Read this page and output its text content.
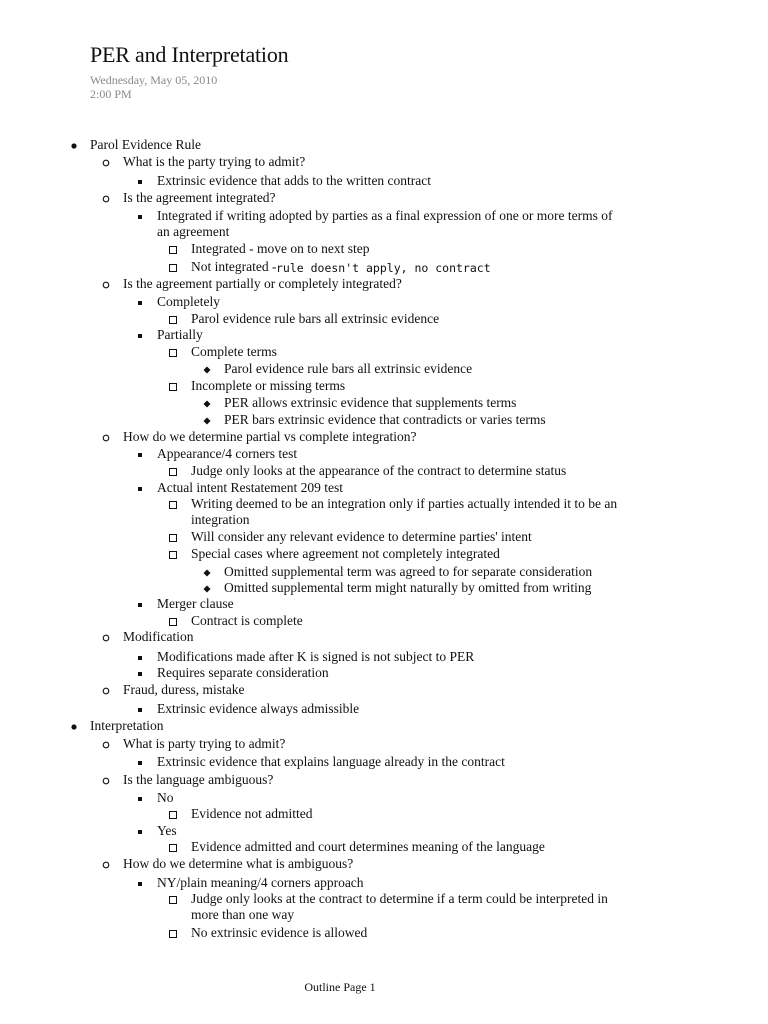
PER and Interpretation
Wednesday, May 05, 2010
2:00 PM
Parol Evidence Rule
What is the party trying to admit?
Extrinsic evidence that adds to the written contract
Is the agreement integrated?
Integrated if writing adopted by parties as a final expression of one or more terms of
an agreement
Integrated - move on to next step
Not integrated - rule doesn't apply, no contract
Is the agreement partially or completely integrated?
Completely
Parol evidence rule bars all extrinsic evidence
Partially
Complete terms
Parol evidence rule bars all extrinsic evidence
Incomplete or missing terms
PER allows extrinsic evidence that supplements terms
PER bars extrinsic evidence that contradicts or varies terms
How do we determine partial vs complete integration?
Appearance/4 corners test
Judge only looks at the appearance of the contract to determine status
Actual intent Restatement 209 test
Writing deemed to be an integration only if parties actually intended it to be an
integration
Will consider any relevant evidence to determine parties' intent
Special cases where agreement not completely integrated
Omitted supplemental term was agreed to for separate consideration
Omitted supplemental term might naturally by omitted from writing
Merger clause
Contract is complete
Modification
Modifications made after K is signed is not subject to PER
Requires separate consideration
Fraud, duress, mistake
Extrinsic evidence always admissible
Interpretation
What is party trying to admit?
Extrinsic evidence that explains language already in the contract
Is the language ambiguous?
No
Evidence not admitted
Yes
Evidence admitted and court determines meaning of the language
How do we determine what is ambiguous?
NY/plain meaning/4 corners approach
Judge only looks at the contract to determine if a term could be interpreted in
more than one way
No extrinsic evidence is allowed
Outline Page 1
